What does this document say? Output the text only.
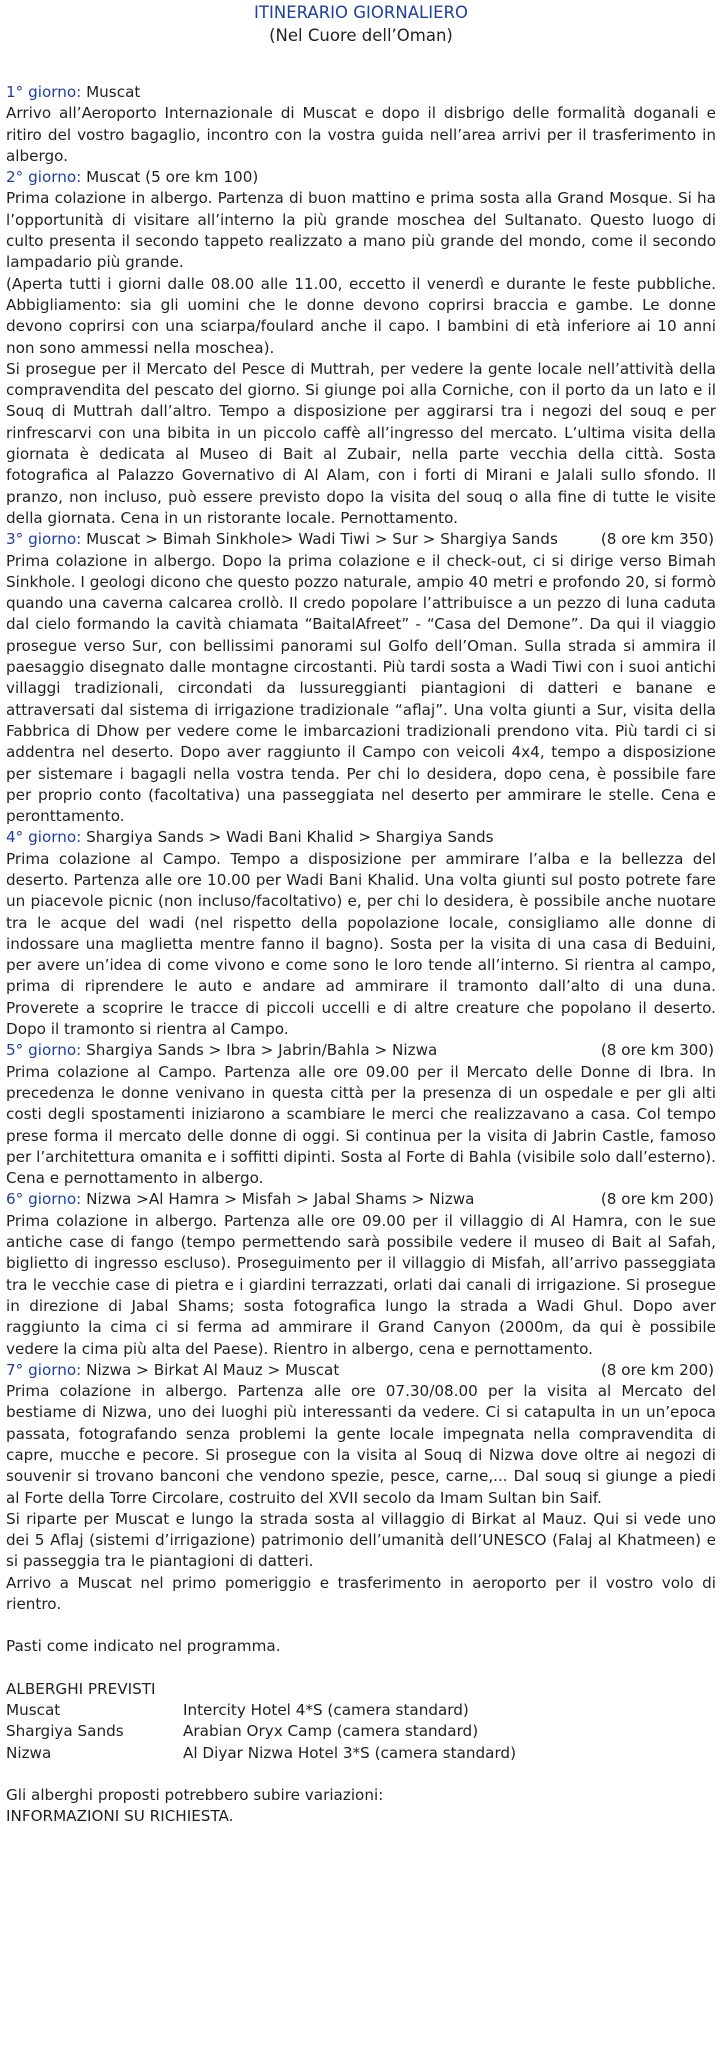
ITINERARIO GIORNALIERO
(Nel Cuore dell’Oman)
1° giorno: Muscat

Arrivo all’Aeroporto Internazionale di Muscat e dopo il disbrigo delle formalità doganali e ritiro del vostro bagaglio, incontro con la vostra guida nell’area arrivi per il trasferimento in albergo.

2° giorno: Muscat (5 ore km 100)

Prima colazione in albergo. Partenza di buon mattino e prima sosta alla Grand Mosque. Si ha l’opportunità di visitare all’interno la più grande moschea del Sultanato. Questo luogo di culto presenta il secondo tappeto realizzato a mano più grande del mondo, come il secondo lampadario più grande.

(Aperta tutti i giorni dalle 08.00 alle 11.00, eccetto il venerdì e durante le feste pubbliche. Abbigliamento: sia gli uomini che le donne devono coprirsi braccia e gambe. Le donne devono coprirsi con una sciarpa/foulard anche il capo. I bambini di età inferiore ai 10 anni non sono ammessi nella moschea).

Si prosegue per il Mercato del Pesce di Muttrah, per vedere la gente locale nell’attività della compravendita del pescato del giorno. Si giunge poi alla Corniche, con il porto da un lato e il Souq di Muttrah dall’altro. Tempo a disposizione per aggirarsi tra i negozi del souq e per rinfrescarvi con una bibita in un piccolo caffè all’ingresso del mercato. L’ultima visita della giornata è dedicata al Museo di Bait al Zubair, nella parte vecchia della città. Sosta fotografica al Palazzo Governativo di Al Alam, con i forti di Mirani e Jalali sullo sfondo. Il pranzo, non incluso, può essere previsto dopo la visita del souq o alla fine di tutte le visite della giornata. Cena in un ristorante locale. Pernottamento.

3° giorno: Muscat > Bimah Sinkhole> Wadi Tiwi > Sur > Shargiya Sands	(8 ore km 350)

Prima colazione in albergo. Dopo la prima colazione e il check-out, ci si dirige verso Bimah Sinkhole. I geologi dicono che questo pozzo naturale, ampio 40 metri e profondo 20, si formò quando una caverna calcarea crollò. Il credo popolare l’attribuisce a un pezzo di luna caduta dal cielo formando la cavità chiamata “BaitalAfreet” - “Casa del Demone”. Da qui il viaggio prosegue verso Sur, con bellissimi panorami sul Golfo dell’Oman. Sulla strada si ammira il paesaggio disegnato dalle montagne circostanti. Più tardi sosta a Wadi Tiwi con i suoi antichi villaggi tradizionali, circondati da lussureggianti piantagioni di datteri e banane e attraversati dal sistema di irrigazione tradizionale “aflaj”. Una volta giunti a Sur, visita della Fabbrica di Dhow per vedere come le imbarcazioni tradizionali prendono vita. Più tardi ci si addentra nel deserto. Dopo aver raggiunto il Campo con veicoli 4x4, tempo a disposizione per sistemare i bagagli nella vostra tenda. Per chi lo desidera, dopo cena, è possibile fare per proprio conto (facoltativa) una passeggiata nel deserto per ammirare le stelle. Cena e peronttamento.

4° giorno: Shargiya Sands > Wadi Bani Khalid > Shargiya Sands

Prima colazione al Campo. Tempo a disposizione per ammirare l’alba e la bellezza del deserto. Partenza alle ore 10.00 per Wadi Bani Khalid. Una volta giunti sul posto potrete fare un piacevole picnic (non incluso/facoltativo) e, per chi lo desidera, è possibile anche nuotare tra le acque del wadi (nel rispetto della popolazione locale, consigliamo alle donne di indossare una maglietta mentre fanno il bagno). Sosta per la visita di una casa di Beduini, per avere un’idea di come vivono e come sono le loro tende all’interno. Si rientra al campo, prima di riprendere le auto e andare ad ammirare il tramonto dall’alto di una duna. Proverete a scoprire le tracce di piccoli uccelli e di altre creature che popolano il deserto. Dopo il tramonto si rientra al Campo.

5° giorno: Shargiya Sands > Ibra > Jabrin/Bahla > Nizwa	(8 ore km 300)

Prima colazione al Campo. Partenza alle ore 09.00 per il Mercato delle Donne di Ibra. In precedenza le donne venivano in questa città per la presenza di un ospedale e per gli alti costi degli spostamenti iniziarono a scambiare le merci che realizzavano a casa. Col tempo prese forma il mercato delle donne di oggi. Si continua per la visita di Jabrin Castle, famoso per l’architettura omanita e i soffitti dipinti. Sosta al Forte di Bahla (visibile solo dall’esterno). Cena e pernottamento in albergo.

6° giorno: Nizwa >Al Hamra > Misfah > Jabal Shams > Nizwa	(8 ore km 200)

Prima colazione in albergo. Partenza alle ore 09.00 per il villaggio di Al Hamra, con le sue antiche case di fango (tempo permettendo sarà possibile vedere il museo di Bait al Safah, biglietto di ingresso escluso). Proseguimento per il villaggio di Misfah, all’arrivo passeggiata tra le vecchie case di pietra e i giardini terrazzati, orlati dai canali di irrigazione. Si prosegue in direzione di Jabal Shams; sosta fotografica lungo la strada a Wadi Ghul. Dopo aver raggiunto la cima ci si ferma ad ammirare il Grand Canyon (2000m, da qui è possibile vedere la cima più alta del Paese). Rientro in albergo, cena e pernottamento.

7° giorno: Nizwa > Birkat Al Mauz > Muscat	(8 ore km 200)

Prima colazione in albergo. Partenza alle ore 07.30/08.00 per la visita al Mercato del bestiame di Nizwa, uno dei luoghi più interessanti da vedere. Ci si catapulta in un un’epoca passata, fotografando senza problemi la gente locale impegnata nella compravendita di capre, mucche e pecore. Si prosegue con la visita al Souq di Nizwa dove oltre ai negozi di souvenir si trovano banconi che vendono spezie, pesce, carne,... Dal souq si giunge a piedi al Forte della Torre Circolare, costruito del XVII secolo da Imam Sultan bin Saif.

Si riparte per Muscat e lungo la strada sosta al villaggio di Birkat al Mauz. Qui si vede uno dei 5 Aflaj (sistemi d’irrigazione) patrimonio dell’umanità dell’UNESCO (Falaj al Khatmeen) e si passeggia tra le piantagioni di datteri.

Arrivo a Muscat nel primo pomeriggio e trasferimento in aeroporto per il vostro volo di rientro.

Pasti come indicato nel programma.

ALBERGHI PREVISTI
Muscat	Intercity Hotel 4*S (camera standard)
Shargiya Sands	Arabian Oryx Camp (camera standard)
Nizwa	Al Diyar Nizwa Hotel 3*S (camera standard)
Gli alberghi proposti potrebbero subire variazioni:
INFORMAZIONI SU RICHIESTA.
